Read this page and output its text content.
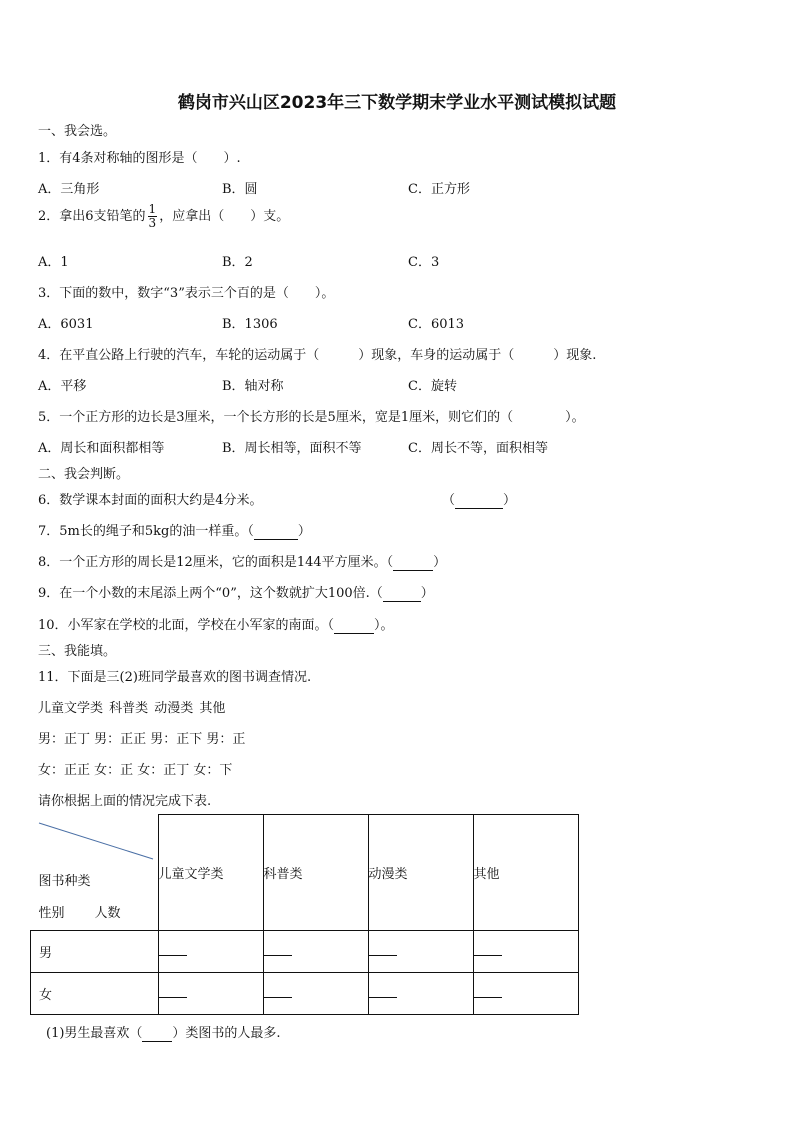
鹤岗市兴山区2023年三下数学期末学业水平测试模拟试题
一、我会选。
1．有4条对称轴的图形是（　　）.
A．三角形	B．圆	C．正方形
2．拿出6支铅笔的 $\frac{1}{3}$ ，应拿出（　　）支。
A．1	B．2	C．3
3．下面的数中，数字“3”表示三个百的是（　　）。
A．6031	B．1306	C．6013
4．在平直公路上行驶的汽车，车轮的运动属于（　　　）现象，车身的运动属于（　　　）现象.
A．平移	B．轴对称	C．旋转
5．一个正方形的边长是3厘米，一个长方形的长是5厘米，宽是1厘米，则它们的（　　　　）。
A．周长和面积都相等	B．周长相等，面积不等	C．周长不等，面积相等
二、我会判断。
6．数学课本封面的面积大约是4分米。	（	）
7．5m长的绳子和5kg的油一样重。（	）
8．一个正方形的周长是12厘米，它的面积是144平方厘米。（	）
9．在一个小数的末尾添上两个“0”，这个数就扩大100倍.（	）
10．小军家在学校的北面，学校在小军家的南面。（	）。
三、我能填。
11．下面是三(2)班同学最喜欢的图书调查情况.
儿童文学类 科普类 动漫类 其他
男：正丁 男：正正 男：正下 男：正
女：正正 女：正 女：正丁 女：下
请你根据上面的情况完成下表.
图书种类
性别 人数	儿童文学类	科普类	动漫类	其他
男				
女				
(1)男生最喜欢（ ）类图书的人最多.
